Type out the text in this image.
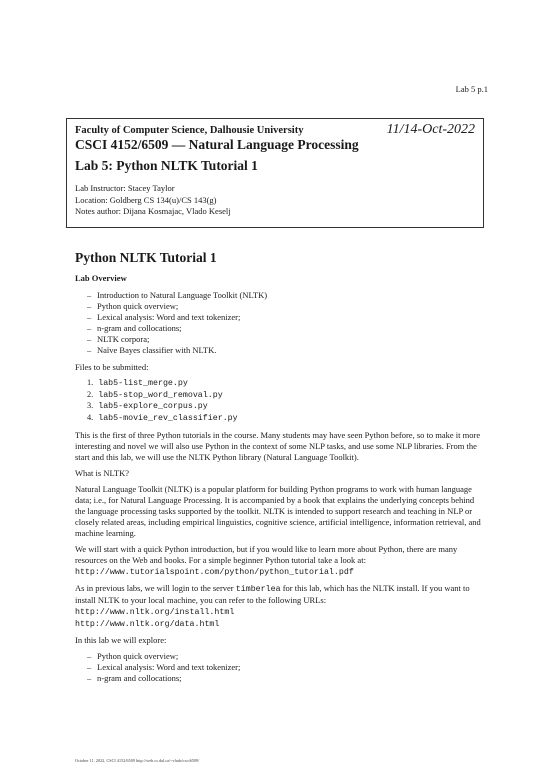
Lab 5 p.1
Faculty of Computer Science, Dalhousie University	11/14-Oct-2022
CSCI 4152/6509 — Natural Language Processing
Lab 5: Python NLTK Tutorial 1
Lab Instructor: Stacey Taylor
Location: Goldberg CS 134(u)/CS 143(g)
Notes author: Dijana Kosmajac, Vlado Keselj
Python NLTK Tutorial 1
Lab Overview
– Introduction to Natural Language Toolkit (NLTK)
– Python quick overview;
– Lexical analysis: Word and text tokenizer;
– n-gram and collocations;
– NLTK corpora;
– Naïve Bayes classifier with NLTK.

Files to be submitted:

1. lab5-list_merge.py
2. lab5-stop_word_removal.py
3. lab5-explore_corpus.py
4. lab5-movie_rev_classifier.py

This is the first of three Python tutorials in the course. Many students may have seen Python before, so to make it more interesting and novel we will also use Python in the context of some NLP tasks, and use some NLP libraries. From the start and this lab, we will use the NLTK Python library (Natural Language Toolkit).

What is NLTK?

Natural Language Toolkit (NLTK) is a popular platform for building Python programs to work with human language data; i.e., for Natural Language Processing. It is accompanied by a book that explains the underlying concepts behind the language processing tasks supported by the toolkit. NLTK is intended to support research and teaching in NLP or closely related areas, including empirical linguistics, cognitive science, artificial intelligence, information retrieval, and machine learning.

We will start with a quick Python introduction, but if you would like to learn more about Python, there are many resources on the Web and books. For a simple beginner Python tutorial take a look at:
http://www.tutorialspoint.com/python/python_tutorial.pdf

As in previous labs, we will login to the server timberlea for this lab, which has the NLTK install. If you want to install NLTK to your local machine, you can refer to the following URLs:
http://www.nltk.org/install.html
http://www.nltk.org/data.html

In this lab we will explore:

– Python quick overview;
– Lexical analysis: Word and text tokenizer;
– n-gram and collocations;
October 11, 2022, CSCI 4152/6509 http://web.cs.dal.ca/~vlado/csci6509/
